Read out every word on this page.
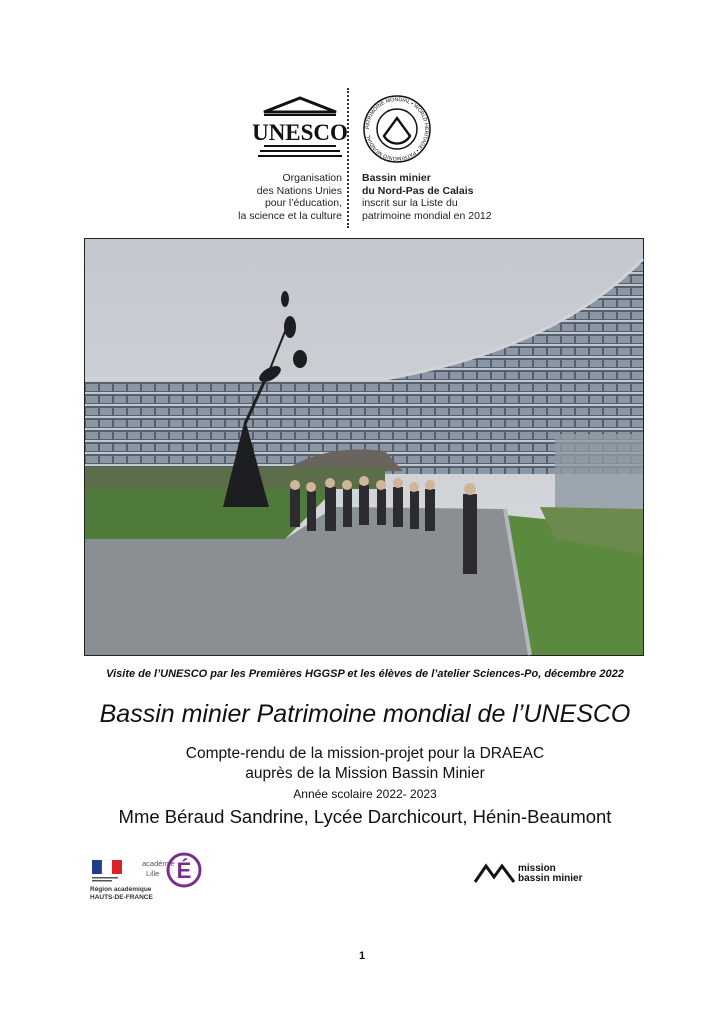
UNESCO
Organisation
des Nations Unies
pour l’éducation,
la science et la culture
PATRIMOINE MONDIAL • WORLD HERITAGE • PATRIMONIO MUNDIAL
Bassin minier
du Nord-Pas de Calais
inscrit sur la Liste du
patrimoine mondial en 2012
Visite de l’UNESCO par les Premières HGGSP et les élèves de l’atelier Sciences-Po, décembre 2022
Bassin minier Patrimoine mondial de l’UNESCO
Compte-rendu de la mission-projet pour la DRAEAC
auprès de la Mission Bassin Minier
Année scolaire 2022- 2023
Mme Béraud Sandrine, Lycée Darchicourt, Hénin-Beaumont
Région académique
HAUTS-DE-FRANCE
académie
Lille É	mission
bassin minier
1
